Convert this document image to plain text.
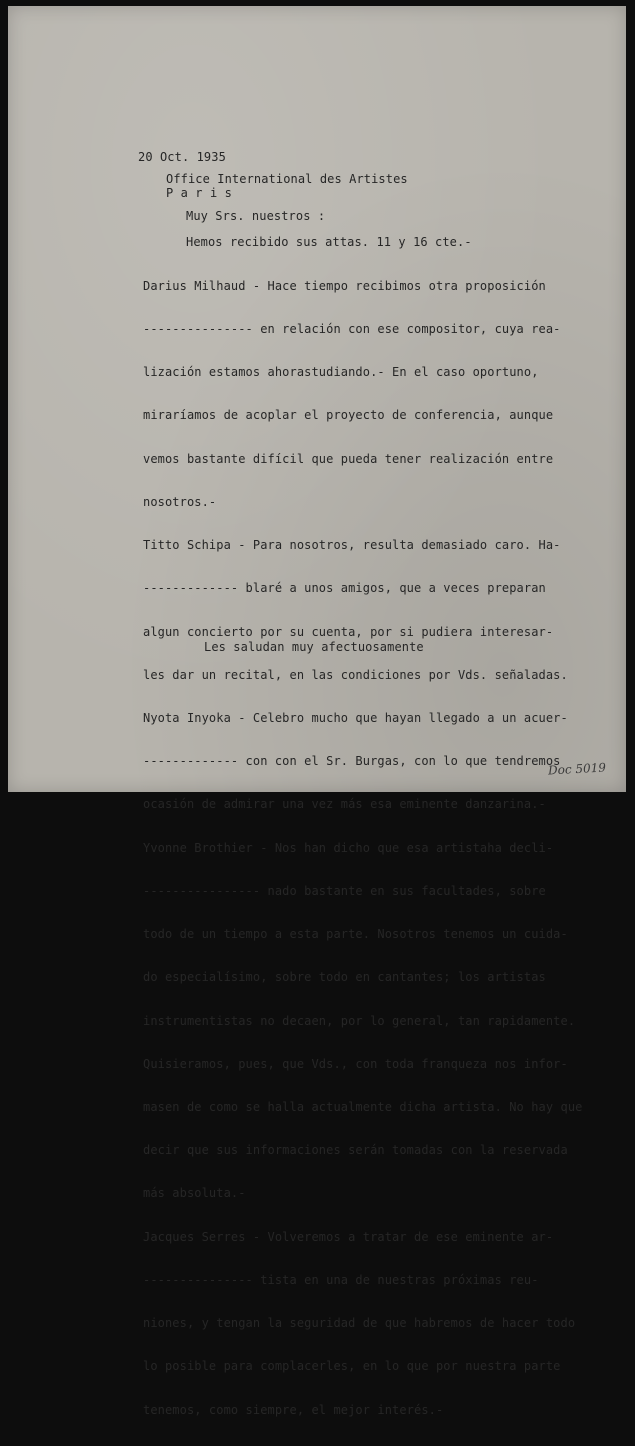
20 Oct. 1935
Office International des Artistes
P a r i s
Muy Srs. nuestros :
Hemos recibido sus attas. 11 y 16 cte.-

Darius Milhaud - Hace tiempo recibimos otra proposición

--------------- en relación con ese compositor, cuya rea-

lización estamos ahorastudiando.- En el caso oportuno,

miraríamos de acoplar el proyecto de conferencia, aunque

vemos bastante difícil que pueda tener realización entre

nosotros.-

Titto Schipa - Para nosotros, resulta demasiado caro. Ha-

------------- blaré a unos amigos, que a veces preparan

algun concierto por su cuenta, por si pudiera interesar-

les dar un recital, en las condiciones por Vds. señaladas.

Nyota Inyoka - Celebro mucho que hayan llegado a un acuer-

------------- con con el Sr. Burgas, con lo que tendremos

ocasión de admirar una vez más esa eminente danzarina.-

Yvonne Brothier - Nos han dicho que esa artistaha decli-

---------------- nado bastante en sus facultades, sobre

todo de un tiempo a esta parte. Nosotros tenemos un cuida-

do especialísimo, sobre todo en cantantes; los artistas

instrumentistas no decaen, por lo general, tan rapidamente.

Quisieramos, pues, que Vds., con toda franqueza nos infor-

masen de como se halla actualmente dicha artista. No hay que

decir que sus informaciones serán tomadas con la reservada

más absoluta.-

Jacques Serres - Volveremos a tratar de ese eminente ar-

--------------- tista en una de nuestras próximas reu-

niones, y tengan la seguridad de que habremos de hacer todo

lo posible para complacerles, en lo que por nuestra parte

tenemos, como siempre, el mejor interés.-

Les saludan muy afectuosamente
Doc 5019
